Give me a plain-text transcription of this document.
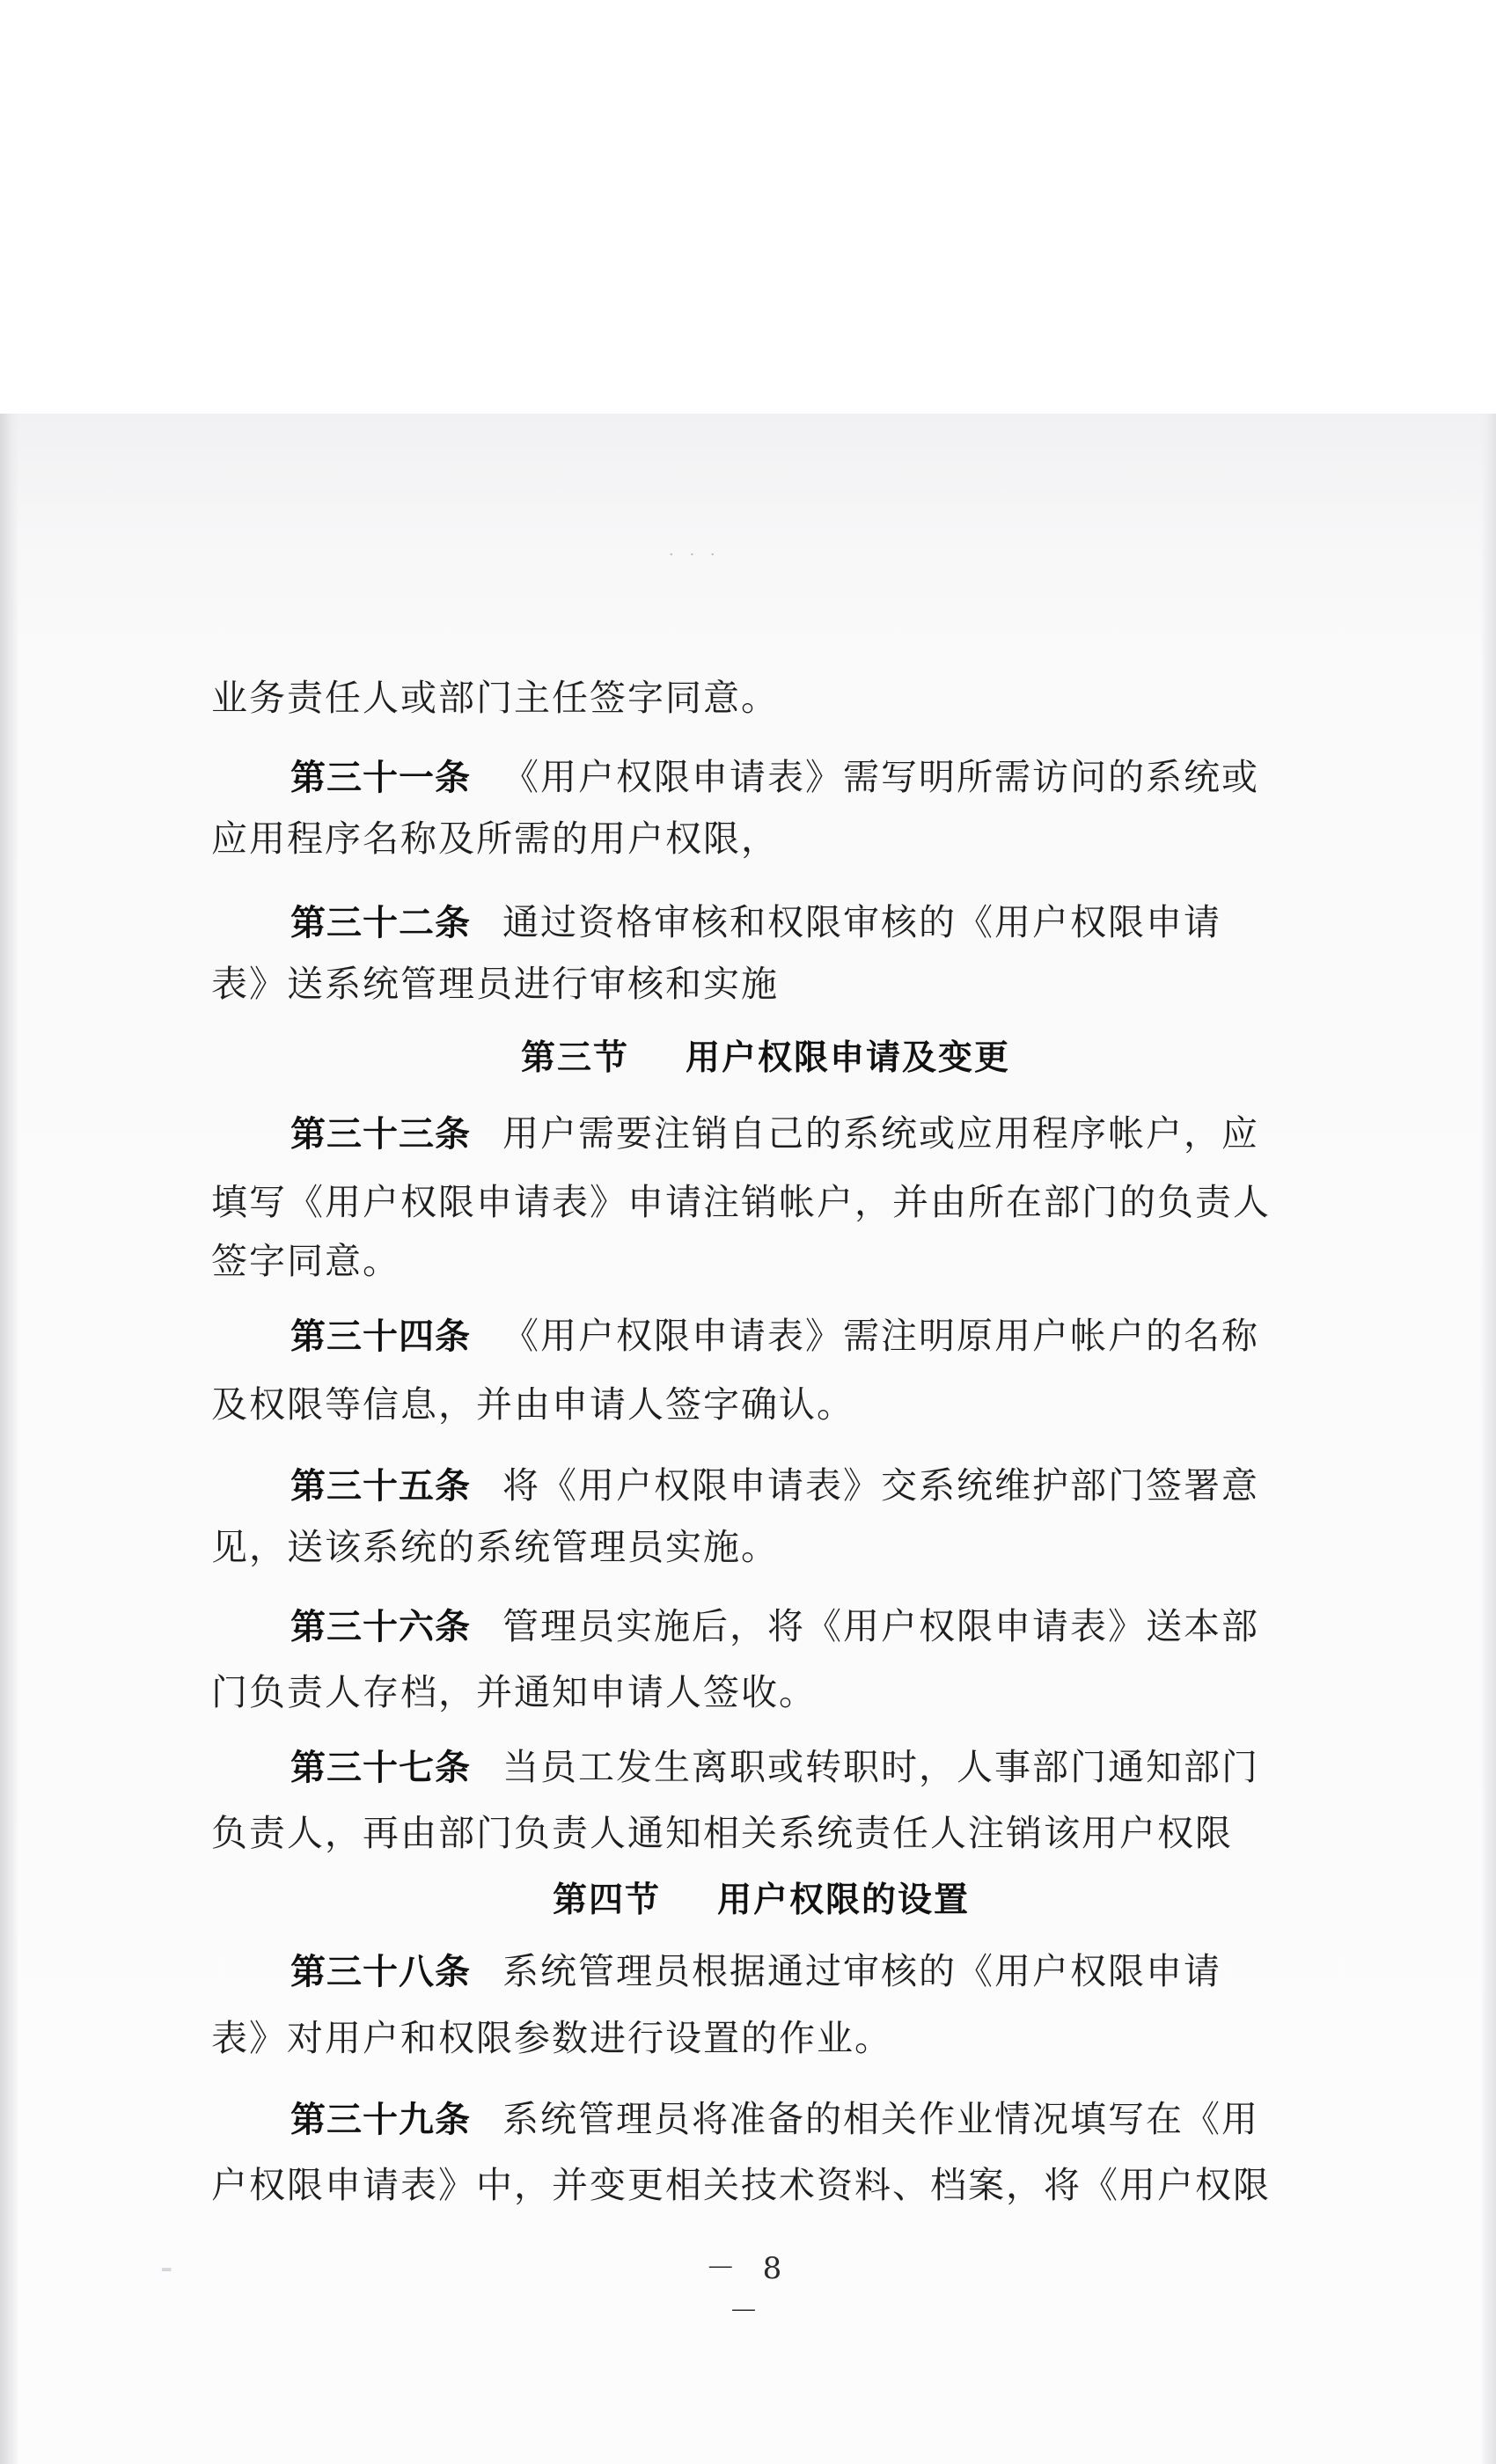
· · ·
业务责任人或部门主任签字同意。
第三十一条 《用户权限申请表》需写明所需访问的系统或
应用程序名称及所需的用户权限，
第三十二条 通过资格审核和权限审核的《用户权限申请
表》送系统管理员进行审核和实施
第三节 用户权限申请及变更
第三十三条 用户需要注销自己的系统或应用程序帐户，应
填写《用户权限申请表》申请注销帐户，并由所在部门的负责人
签字同意。
第三十四条 《用户权限申请表》需注明原用户帐户的名称
及权限等信息，并由申请人签字确认。
第三十五条 将《用户权限申请表》交系统维护部门签署意
见，送该系统的系统管理员实施。
第三十六条 管理员实施后，将《用户权限申请表》送本部
门负责人存档，并通知申请人签收。
第三十七条 当员工发生离职或转职时，人事部门通知部门
负责人，再由部门负责人通知相关系统责任人注销该用户权限
第四节 用户权限的设置
第三十八条 系统管理员根据通过审核的《用户权限申请
表》对用户和权限参数进行设置的作业。
第三十九条 系统管理员将准备的相关作业情况填写在《用
户权限申请表》中，并变更相关技术资料、档案，将《用户权限
⁃	－ 8 －
